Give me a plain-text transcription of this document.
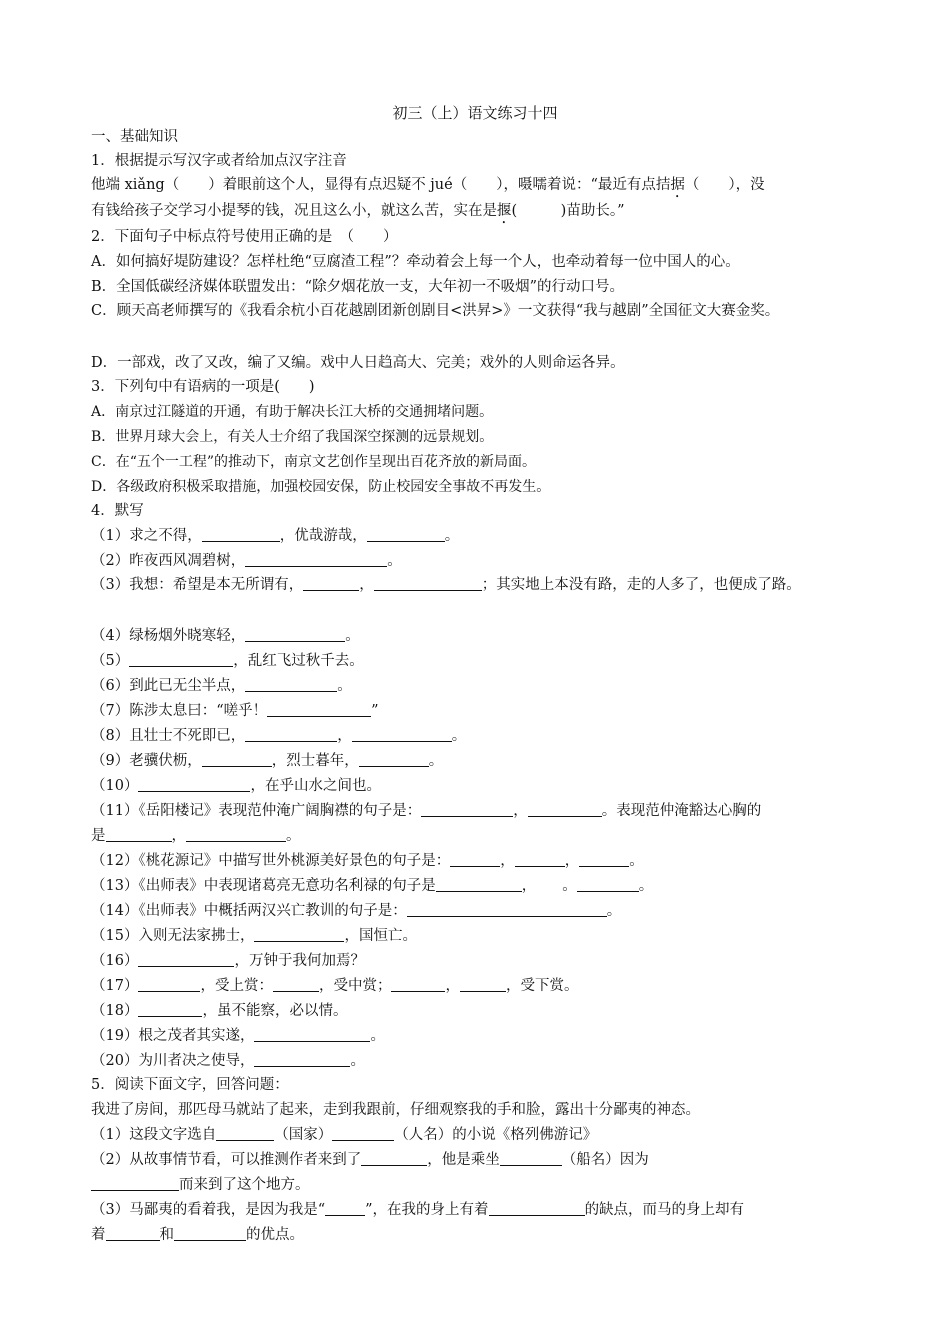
初三（上）语文练习十四
一、基础知识
1．根据提示写汉字或者给加点汉字注音
他端 xiǎng（　　）着眼前这个人，显得有点迟疑不 jué（　　），嗫嚅着说：“最近有点拮据（　　），没
有钱给孩子交学习小提琴的钱，况且这么小，就这么苦，实在是揠(　　　)苗助长。”
2．下面句子中标点符号使用正确的是　（　　）
A．如何搞好堤防建设？怎样杜绝“豆腐渣工程”？牵动着会上每一个人，也牵动着每一位中国人的心。
B．全国低碳经济媒体联盟发出：“除夕烟花放一支，大年初一不吸烟”的行动口号。
C．顾天高老师撰写的《我看余杭小百花越剧团新创剧目<洪昇>》一文获得“我与越剧”全国征文大赛金奖。
D．一部戏，改了又改，编了又编。戏中人日趋高大、完美；戏外的人则命运各异。
3．下列句中有语病的一项是(　　)
A．南京过江隧道的开通，有助于解决长江大桥的交通拥堵问题。
B．世界月球大会上，有关人士介绍了我国深空探测的远景规划。
C．在“五个一工程”的推动下，南京文艺创作呈现出百花齐放的新局面。
D．各级政府积极采取措施，加强校园安保，防止校园安全事故不再发生。
4．默写
（1）求之不得，	，优哉游哉，	。
（2）昨夜西风凋碧树，	。
（3）我想：希望是本无所谓有，	，	；其实地上本没有路，走的人多了，也便成了路。
（4）绿杨烟外晓寒轻，	。
（5）	，乱红飞过秋千去。
（6）到此已无尘半点，	。
（7）陈涉太息曰：“嗟乎！	”
（8）且壮士不死即已，	，	。
（9）老骥伏枥，	，烈士暮年，	。
（10）	，在乎山水之间也。
（11）《岳阳楼记》表现范仲淹广阔胸襟的句子是：	，	。表现范仲淹豁达心胸的
是	，	。
（12）《桃花源记》中描写世外桃源美好景色的句子是：	，	，	。
（13）《出师表》中表现诸葛亮无意功名利禄的句子是	， 。	。
（14）《出师表》中概括两汉兴亡教训的句子是：	。
（15）入则无法家拂士，	，国恒亡。
（16）	，万钟于我何加焉？
（17）	，受上赏：	，受中赏；	，	，受下赏。
（18）	，虽不能察，必以情。
（19）根之茂者其实遂，	。
（20）为川者决之使导，	。
5．阅读下面文字，回答问题：
我进了房间，那匹母马就站了起来，走到我跟前，仔细观察我的手和脸，露出十分鄙夷的神态。
（1）这段文字选自	（国家）	（人名）的小说《格列佛游记》
（2）从故事情节看，可以推测作者来到了	，他是乘坐	（船名）因为
而来到了这个地方。
（3）马鄙夷的看着我，是因为我是“	”，在我的身上有着	的缺点，而马的身上却有
着	和	的优点。
